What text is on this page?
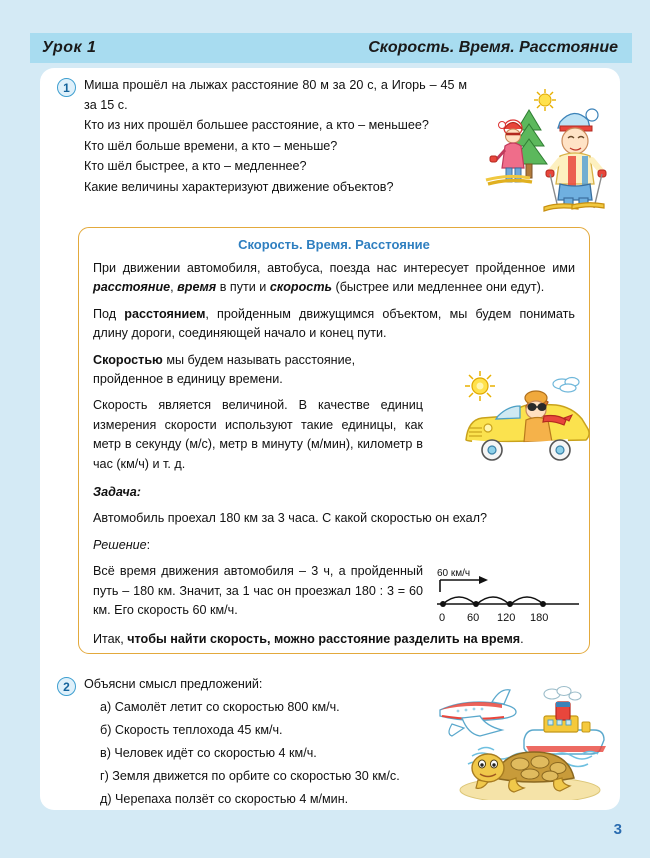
Урок 1	Скорость. Время. Расстояние
1	Миша прошёл на лыжах расстояние 80 м за 20 с, а Игорь – 45 м за 15 с.

Кто из них прошёл большее расстояние, а кто – меньшее?

Кто шёл больше времени, а кто – меньше?

Кто шёл быстрее, а кто – медленнее?

Какие величины характеризуют движение объектов?

Скорость. Время. Расстояние

При движении автомобиля, автобуса, поезда нас интересует пройденное ими расстояние, время в пути и скорость (быстрее или медленнее они едут).

Под расстоянием, пройденным движущимся объектом, мы будем понимать длину дороги, соединяющей начало и конец пути.

Скоростью мы будем называть расстояние, пройденное в единицу времени.

Скорость является величиной. В качестве единиц измерения скорости используют такие единицы, как метр в секунду (м/с), метр в минуту (м/мин), километр в час (км/ч) и т. д.

Задача:

Автомобиль проехал 180 км за 3 часа. С какой скоростью он ехал?

Решение:

Всё время движения автомобиля – 3 ч, а пройденный путь – 180 км. Значит, за 1 час он проезжал 180 : 3 = 60 км. Его скорость 60 км/ч.

Итак, чтобы найти скорость, можно расстояние разделить на время.

60 км/ч
0 60 120 180
2	Объясни смысл предложений:

а) Самолёт летит со скоростью 800 км/ч.

б) Скорость теплохода 45 км/ч.

в) Человек идёт со скоростью 4 км/ч.

г) Земля движется по орбите со скоростью 30 км/с.

д) Черепаха ползёт со скоростью 4 м/мин.

3
